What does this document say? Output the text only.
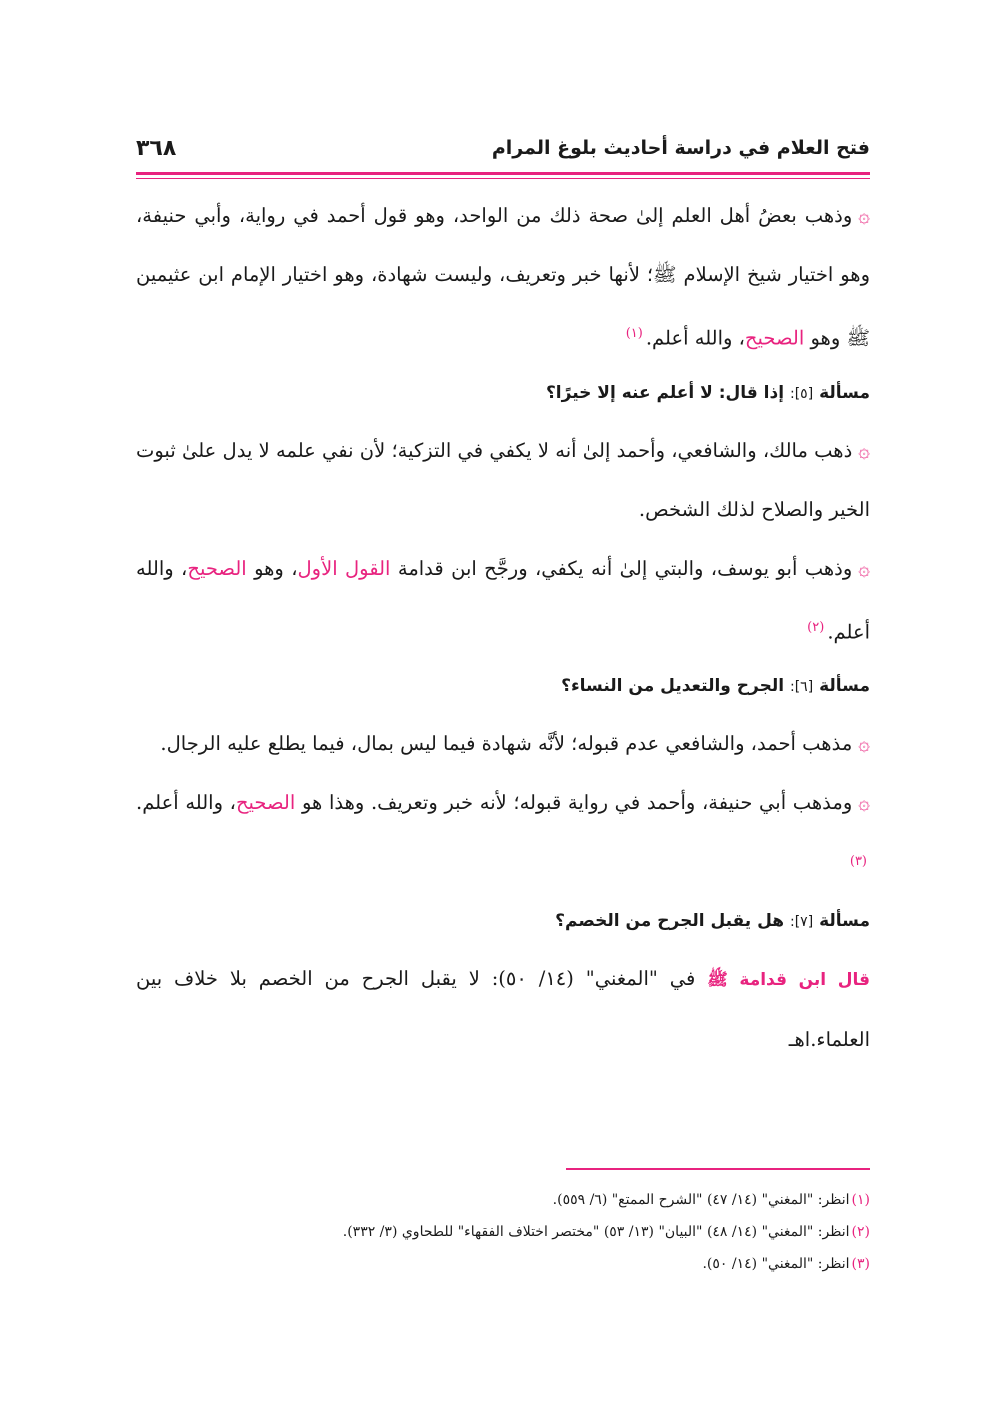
فتح العلام في دراسة أحاديث بلوغ المرام
٣٦٨

۞وذهب بعضُ أهل العلم إلىٰ صحة ذلك من الواحد، وهو قول أحمد في رواية، وأبي حنيفة، وهو اختيار شيخ الإسلام ﷺ؛ لأنها خبر وتعريف، وليست شهادة، وهو اختيار الإمام ابن عثيمين ﷺ وهو الصحيح، والله أعلم.$^{(١)}$

مسألة [٥]: إذا قال: لا أعلم عنه إلا خيرًا؟

۞ذهب مالك، والشافعي، وأحمد إلىٰ أنه لا يكفي في التزكية؛ لأن نفي علمه لا يدل علىٰ ثبوت الخير والصلاح لذلك الشخص.

۞وذهب أبو يوسف، والبتي إلىٰ أنه يكفي، ورجَّح ابن قدامة القول الأول، وهو الصحيح، والله أعلم.$^{(٢)}$

مسألة [٦]: الجرح والتعديل من النساء؟

۞مذهب أحمد، والشافعي عدم قبوله؛ لأنَّه شهادة فيما ليس بمال، فيما يطلع عليه الرجال.

۞ومذهب أبي حنيفة، وأحمد في رواية قبوله؛ لأنه خبر وتعريف. وهذا هو الصحيح، والله أعلم.$^{(٣)}$

مسألة [٧]: هل يقبل الجرح من الخصم؟

قال ابن قدامة ﷺ في "المغني" (١٤/ ٥٠): لا يقبل الجرح من الخصم بلا خلاف بين العلماء.اهـ

(١)انظر: "المغني" (١٤/ ٤٧) "الشرح الممتع" (٦/ ٥٥٩).

(٢)انظر: "المغني" (١٤/ ٤٨) "البيان" (١٣/ ٥٣) "مختصر اختلاف الفقهاء" للطحاوي (٣/ ٣٣٢).

(٣)انظر: "المغني" (١٤/ ٥٠).
